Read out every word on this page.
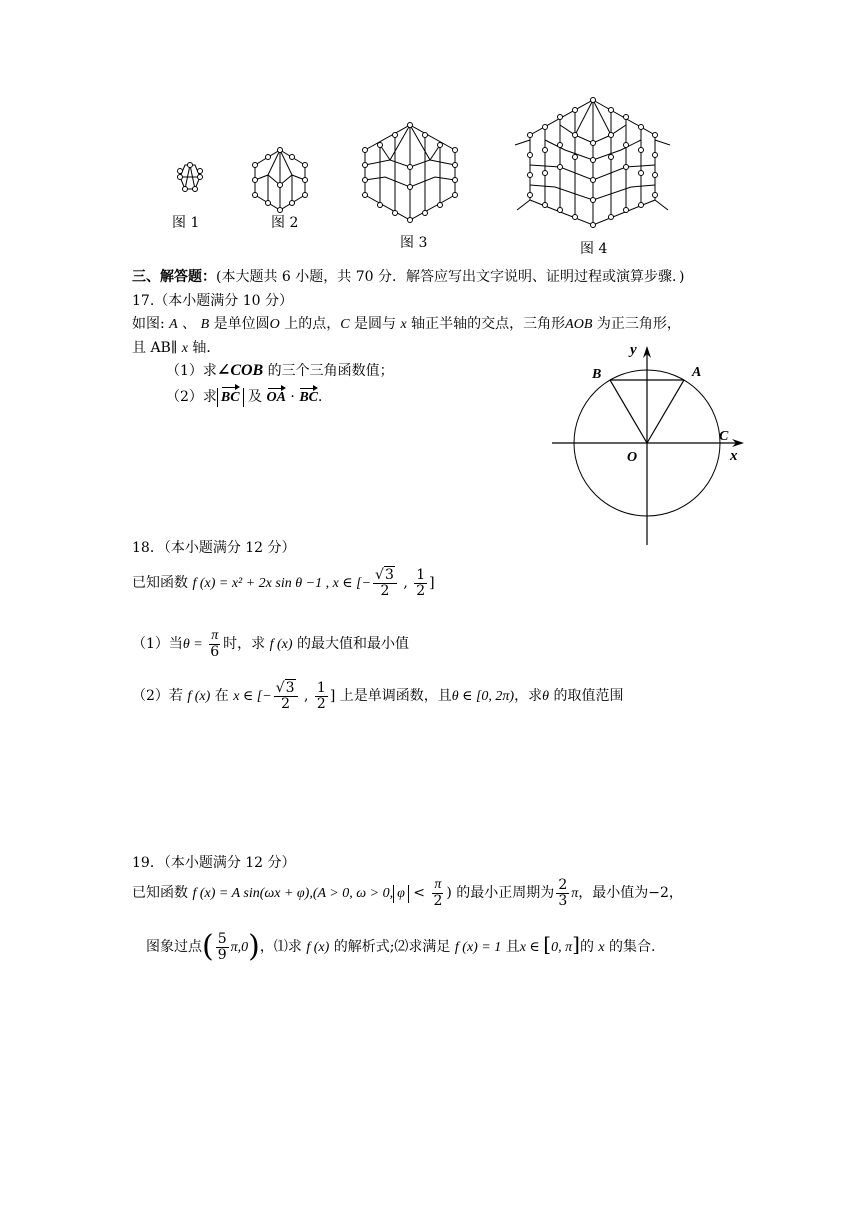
图 1	图 2
图 3	图 4
三、解答题：(本大题共 6 小题，共 70 分．解答应写出文字说明、证明过程或演算步骤．)
17.（本小题满分 10 分）
如图: A 、 B 是单位圆O 上的点，C 是圆与 x 轴正半轴的交点，三角形AOB 为正三角形，
且 AB∥ x 轴．
（1）求∠COB 的三个三角函数值；
（2）求 BC 及 OA · BC．
y
x
A
B
C
O
18．（本小题满分 12 分）
已知函数 f (x) = x² + 2x sin θ −1 , x ∈ [− $\frac{√3}{2}$ , $\frac{1}{2}$ ]
（1）当$\theta = \frac{\pi}{6}$ 时，求 f (x) 的最大值和最小值
（2）若 f (x) 在 x ∈ [− $\frac{√3}{2}$ , $\frac{1}{2}$ ] 上是单调函数，且θ ∈ [0, 2π)，求θ 的取值范围
19．（本小题满分 12 分）
已知函数 f (x) = A sin(ωx + φ),(A > 0, ω > 0, $\varphi < \frac{\pi}{2}$ ) 的最小正周期为 $\frac{2}{3}$ π，最小值为−2，
图象过点( $\frac{5}{9} \pi,0$)，⑴求 f (x) 的解析式;⑵求满足 f (x) = 1 且x ∈ [0, π]的 x 的集合.
